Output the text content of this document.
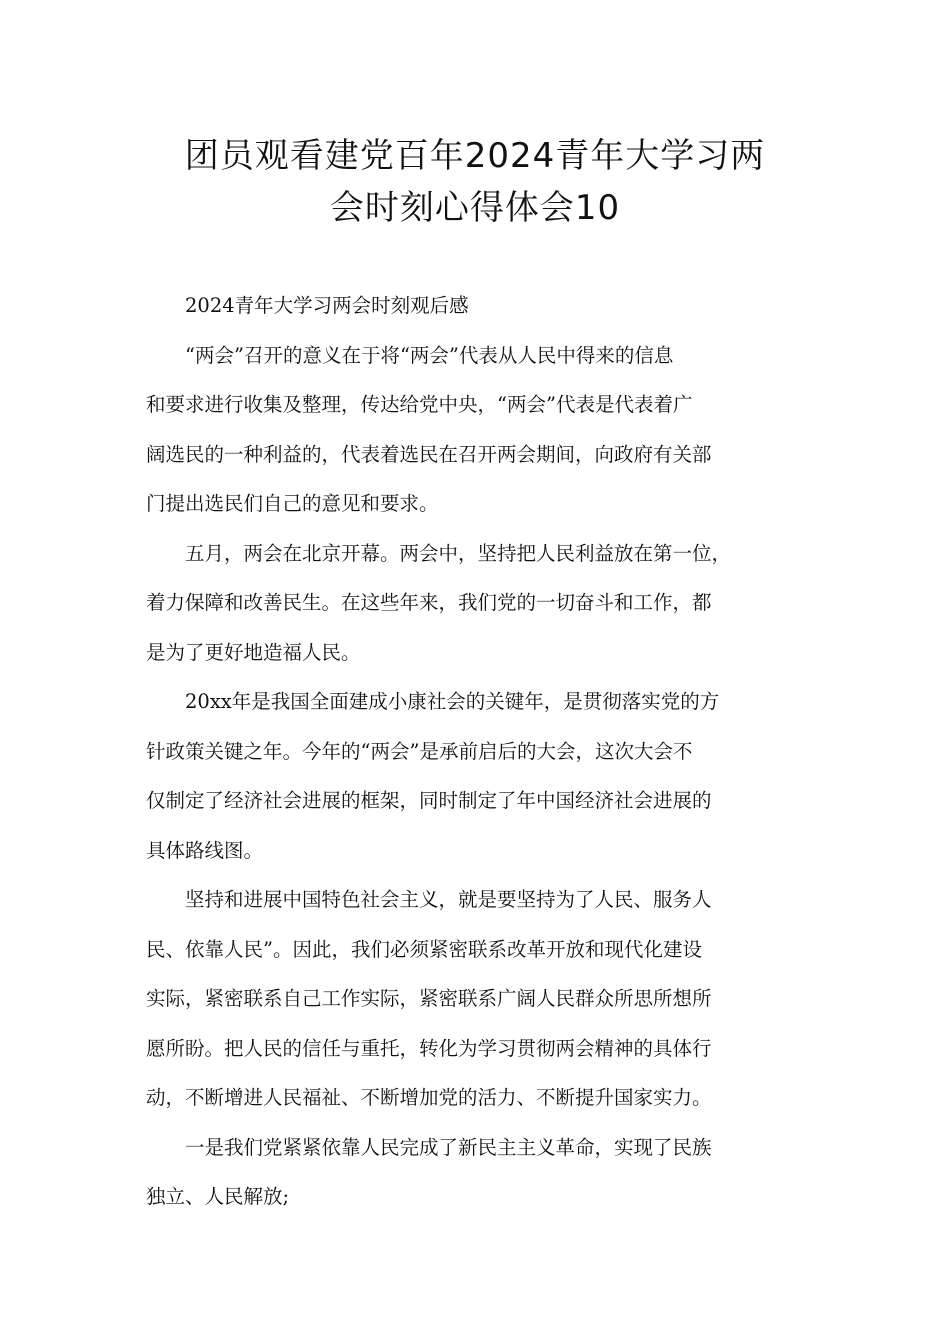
团员观看建党百年2024青年大学习两
会时刻心得体会10

2024青年大学习两会时刻观后感

“两会”召开的意义在于将“两会”代表从人民中得来的信息
和要求进行收集及整理，传达给党中央，“两会”代表是代表着广
阔选民的一种利益的，代表着选民在召开两会期间，向政府有关部
门提出选民们自己的意见和要求。

五月，两会在北京开幕。两会中，坚持把人民利益放在第一位，
着力保障和改善民生。在这些年来，我们党的一切奋斗和工作，都
是为了更好地造福人民。

20xx年是我国全面建成小康社会的关键年，是贯彻落实党的方
针政策关键之年。今年的“两会”是承前启后的大会，这次大会不
仅制定了经济社会进展的框架，同时制定了年中国经济社会进展的
具体路线图。

坚持和进展中国特色社会主义，就是要坚持为了人民、服务人
民、依靠人民”。因此，我们必须紧密联系改革开放和现代化建设
实际，紧密联系自己工作实际，紧密联系广阔人民群众所思所想所
愿所盼。把人民的信任与重托，转化为学习贯彻两会精神的具体行
动，不断增进人民福祉、不断增加党的活力、不断提升国家实力。

一是我们党紧紧依靠人民完成了新民主主义革命，实现了民族
独立、人民解放;
